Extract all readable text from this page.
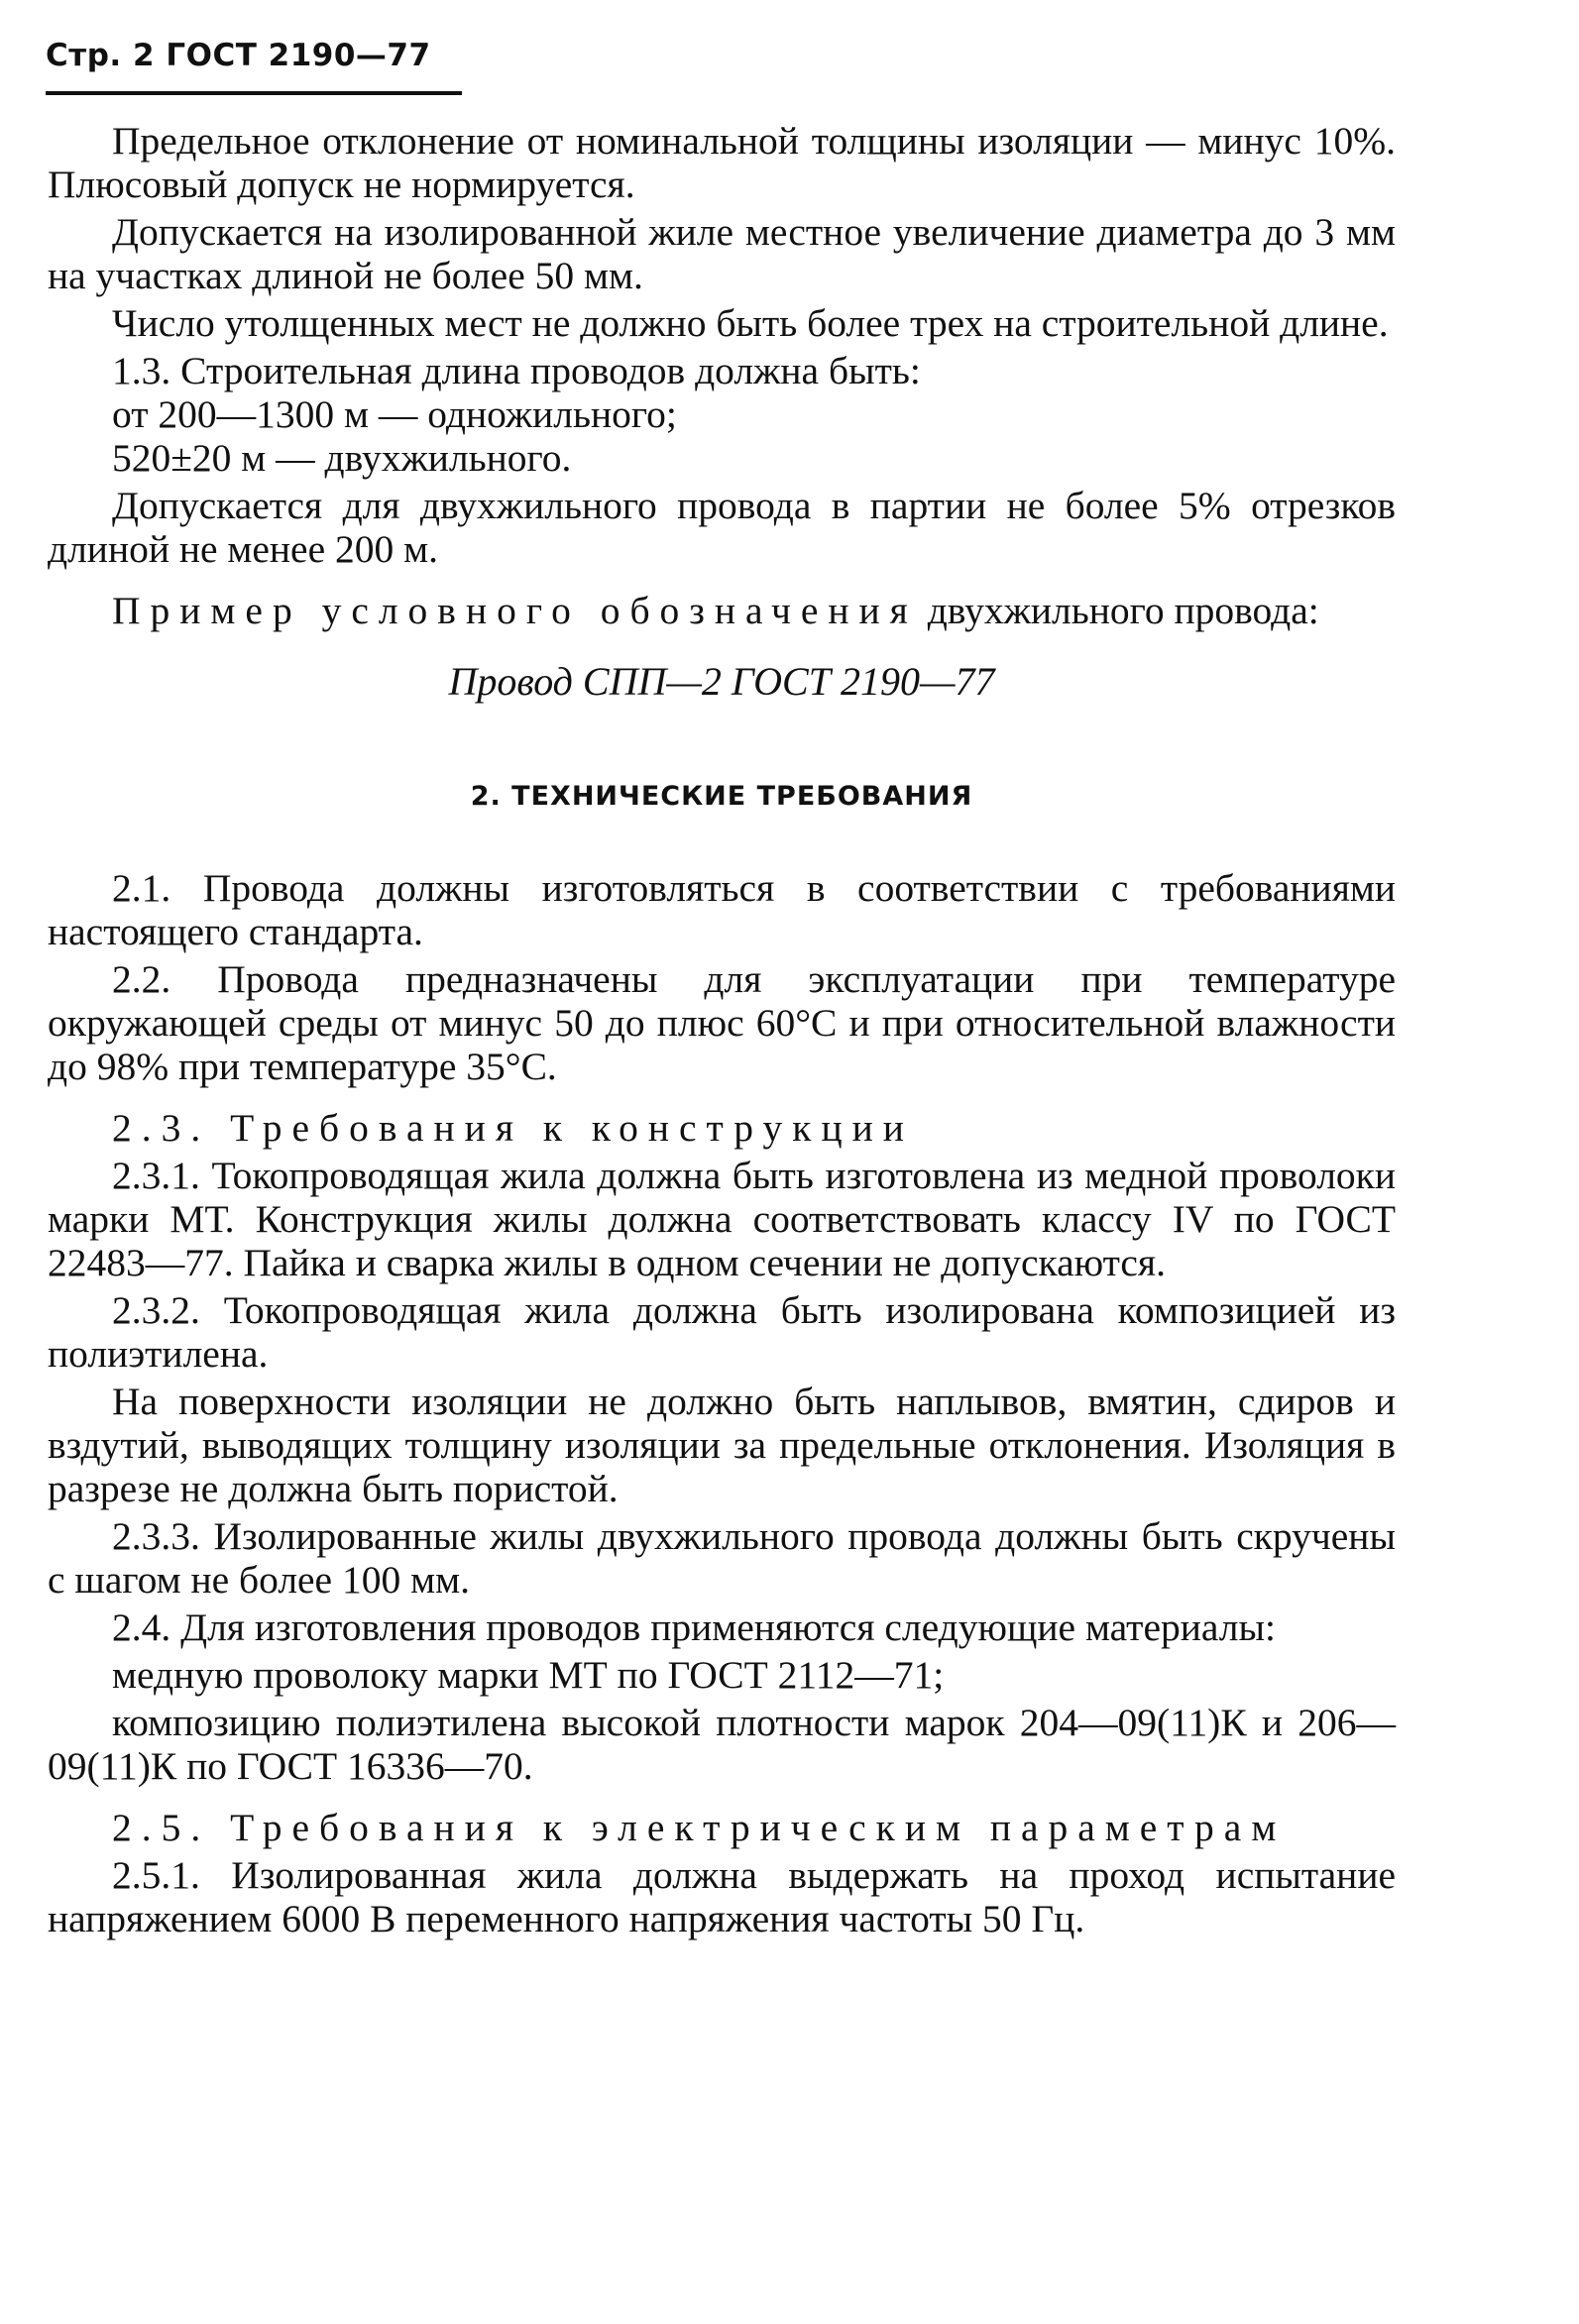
Стр. 2 ГОСТ 2190—77

Предельное отклонение от номинальной толщины изоляции — минус 10%. Плюсовый допуск не нормируется.

Допускается на изолированной жиле местное увеличение диаметра до 3 мм на участках длиной не более 50 мм.

Число утолщенных мест не должно быть более трех на строительной длине.

1.3. Строительная длина проводов должна быть:

от 200—1300 м — одножильного;

520±20 м — двухжильного.

Допускается для двухжильного провода в партии не более 5% отрезков длиной не менее 200 м.

Пример условного обозначения двухжильного провода:

Провод СПП—2 ГОСТ 2190—77

2. ТЕХНИЧЕСКИЕ ТРЕБОВАНИЯ

2.1. Провода должны изготовляться в соответствии с требованиями настоящего стандарта.

2.2. Провода предназначены для эксплуатации при температуре окружающей среды от минус 50 до плюс 60°С и при относительной влажности до 98% при температуре 35°С.

2.3. Требования к конструкции

2.3.1. Токопроводящая жила должна быть изготовлена из медной проволоки марки МТ. Конструкция жилы должна соответствовать классу IV по ГОСТ 22483—77. Пайка и сварка жилы в одном сечении не допускаются.

2.3.2. Токопроводящая жила должна быть изолирована композицией из полиэтилена.

На поверхности изоляции не должно быть наплывов, вмятин, сдиров и вздутий, выводящих толщину изоляции за предельные отклонения. Изоляция в разрезе не должна быть пористой.

2.3.3. Изолированные жилы двухжильного провода должны быть скручены с шагом не более 100 мм.

2.4. Для изготовления проводов применяются следующие материалы:

медную проволоку марки МТ по ГОСТ 2112—71;

композицию полиэтилена высокой плотности марок 204—09(11)К и 206—09(11)К по ГОСТ 16336—70.

2.5. Требования к электрическим параметрам

2.5.1. Изолированная жила должна выдержать на проход испытание напряжением 6000 В переменного напряжения частоты 50 Гц.
